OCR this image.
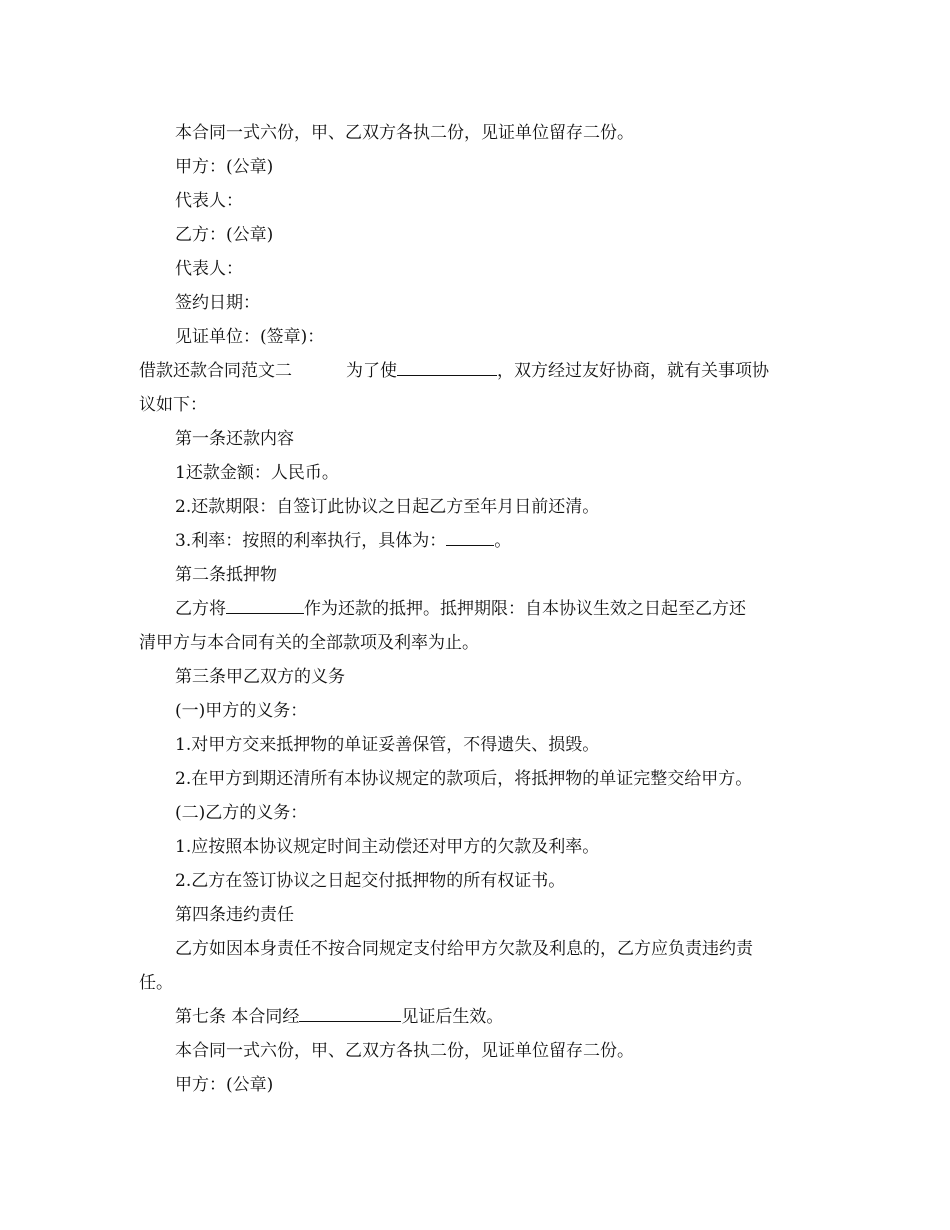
本合同一式六份，甲、乙双方各执二份，见证单位留存二份。
甲方：(公章)
代表人：
乙方：(公章)
代表人：
签约日期：
见证单位：(签章)：
借款还款合同范文二	为了使	，双方经过友好协商，就有关事项协
议如下：
第一条还款内容
1还款金额：人民币。
2.还款期限：自签订此协议之日起乙方至年月日前还清。
3.利率：按照的利率执行，具体为：	。
第二条抵押物
乙方将	作为还款的抵押。抵押期限：自本协议生效之日起至乙方还
清甲方与本合同有关的全部款项及利率为止。
第三条甲乙双方的义务
(一)甲方的义务：
1.对甲方交来抵押物的单证妥善保管，不得遗失、损毁。
2.在甲方到期还清所有本协议规定的款项后，将抵押物的单证完整交给甲方。
(二)乙方的义务：
1.应按照本协议规定时间主动偿还对甲方的欠款及利率。
2.乙方在签订协议之日起交付抵押物的所有权证书。
第四条违约责任
乙方如因本身责任不按合同规定支付给甲方欠款及利息的，乙方应负责违约责
任。
第七条 本合同经	见证后生效。
本合同一式六份，甲、乙双方各执二份，见证单位留存二份。
甲方：(公章)
